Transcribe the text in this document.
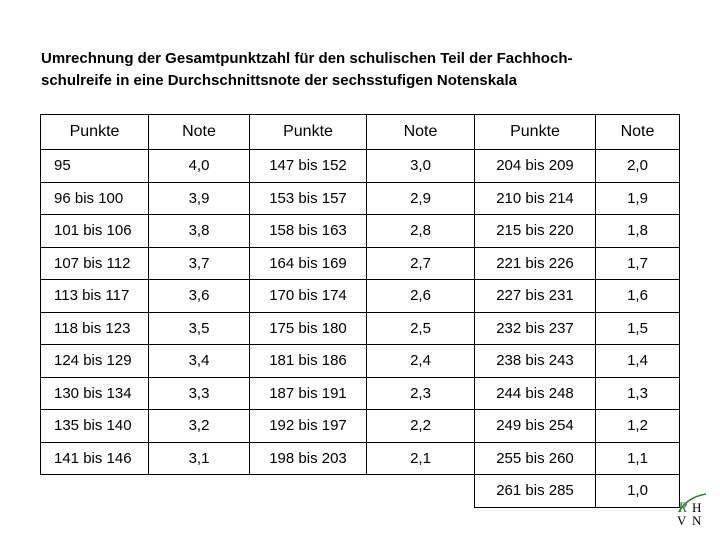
Umrechnung der Gesamtpunktzahl für den schulischen Teil der Fachhoch-
schulreife in eine Durchschnittsnote der sechsstufigen Notenskala
Punkte	Note	Punkte	Note	Punkte	Note
95	4,0	147 bis 152	3,0	204 bis 209	2,0
96 bis 100	3,9	153 bis 157	2,9	210 bis 214	1,9
101 bis 106	3,8	158 bis 163	2,8	215 bis 220	1,8
107 bis 112	3,7	164 bis 169	2,7	221 bis 226	1,7
113 bis 117	3,6	170 bis 174	2,6	227 bis 231	1,6
118 bis 123	3,5	175 bis 180	2,5	232 bis 237	1,5
124 bis 129	3,4	181 bis 186	2,4	238 bis 243	1,4
130 bis 134	3,3	187 bis 191	2,3	244 bis 248	1,3
135 bis 140	3,2	192 bis 197	2,2	249 bis 254	1,2
141 bis 146	3,1	198 bis 203	2,1	255 bis 260	1,1
				261 bis 285	1,0
R H
V N
